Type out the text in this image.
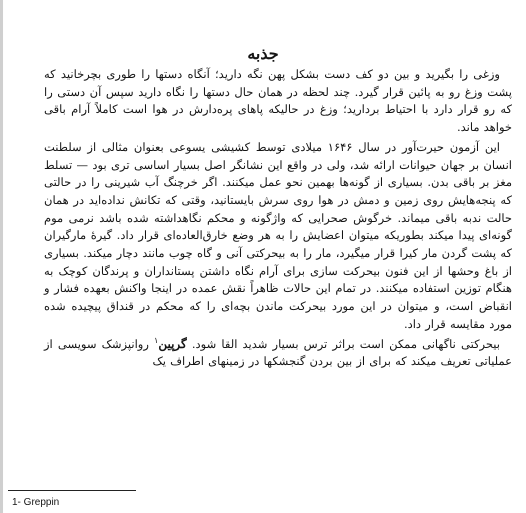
جذبه

وزغی را بگیرید و بین دو کف دست بشکل پهن نگه دارید؛ آنگاه دستها را طوری بچرخانید که پشت وزغ رو به پائین قرار گیرد. چند لحظه در همان حال دستها را نگاه دارید سپس آن دستی را که رو قرار دارد با احتیاط بردارید؛ وزغ در حالیکه پاهای پره‌دارش در هوا است کاملاً آرام باقی خواهد ماند.

این آزمون حیرت‌آور در سال ۱۶۴۶ میلادی توسط کشیشی یسوعی بعنوان مثالی از سلطنت انسان بر جهان حیوانات ارائه شد، ولی در واقع این نشانگر اصل بسیار اساسی تری بود — تسلط مغز بر باقی بدن. بسیاری از گونه‌ها بهمین نحو عمل میکنند. اگر خرچنگ آب شیرینی را در حالتی که پنجه‌هایش روی زمین و دمش در هوا روی سرش بایستانید، وقتی که تکانش نداده‌اید در همان حالت ندبه باقی میماند. خرگوش صحرایی که واژگونه و محکم نگاهداشته شده باشد نرمی موم گونه‌ای پیدا میکند بطوریکه میتوان اعضایش را به هر وضع خارق‌العاده‌ای قرار داد. گیرهٔ مارگیران که پشت گردن مار کیرا قرار میگیرد، مار را به بیحرکتی آنی و گاه چوب مانند دچار میکند. بسیاری از باغ وحشها از این فنون بیحرکت سازی برای آرام نگاه داشتن پستانداران و پرندگان کوچک به هنگام توزین استفاده میکنند. در تمام این حالات ظاهراً نقش عمده در اینجا واکنش بعهده فشار و انقباض است، و میتوان در این مورد بیحرکت ماندن بچه‌ای را که محکم در قنداق پیچیده شده مورد مقایسه قرار داد.

بیحرکتی ناگهانی ممکن است براثر ترس بسیار شدید القا شود. گرپین$^۱$ روانپزشک سویسی از عملیاتی تعریف میکند که برای از بین بردن گنجشکها در زمینهای اطراف یک

1- Greppin
